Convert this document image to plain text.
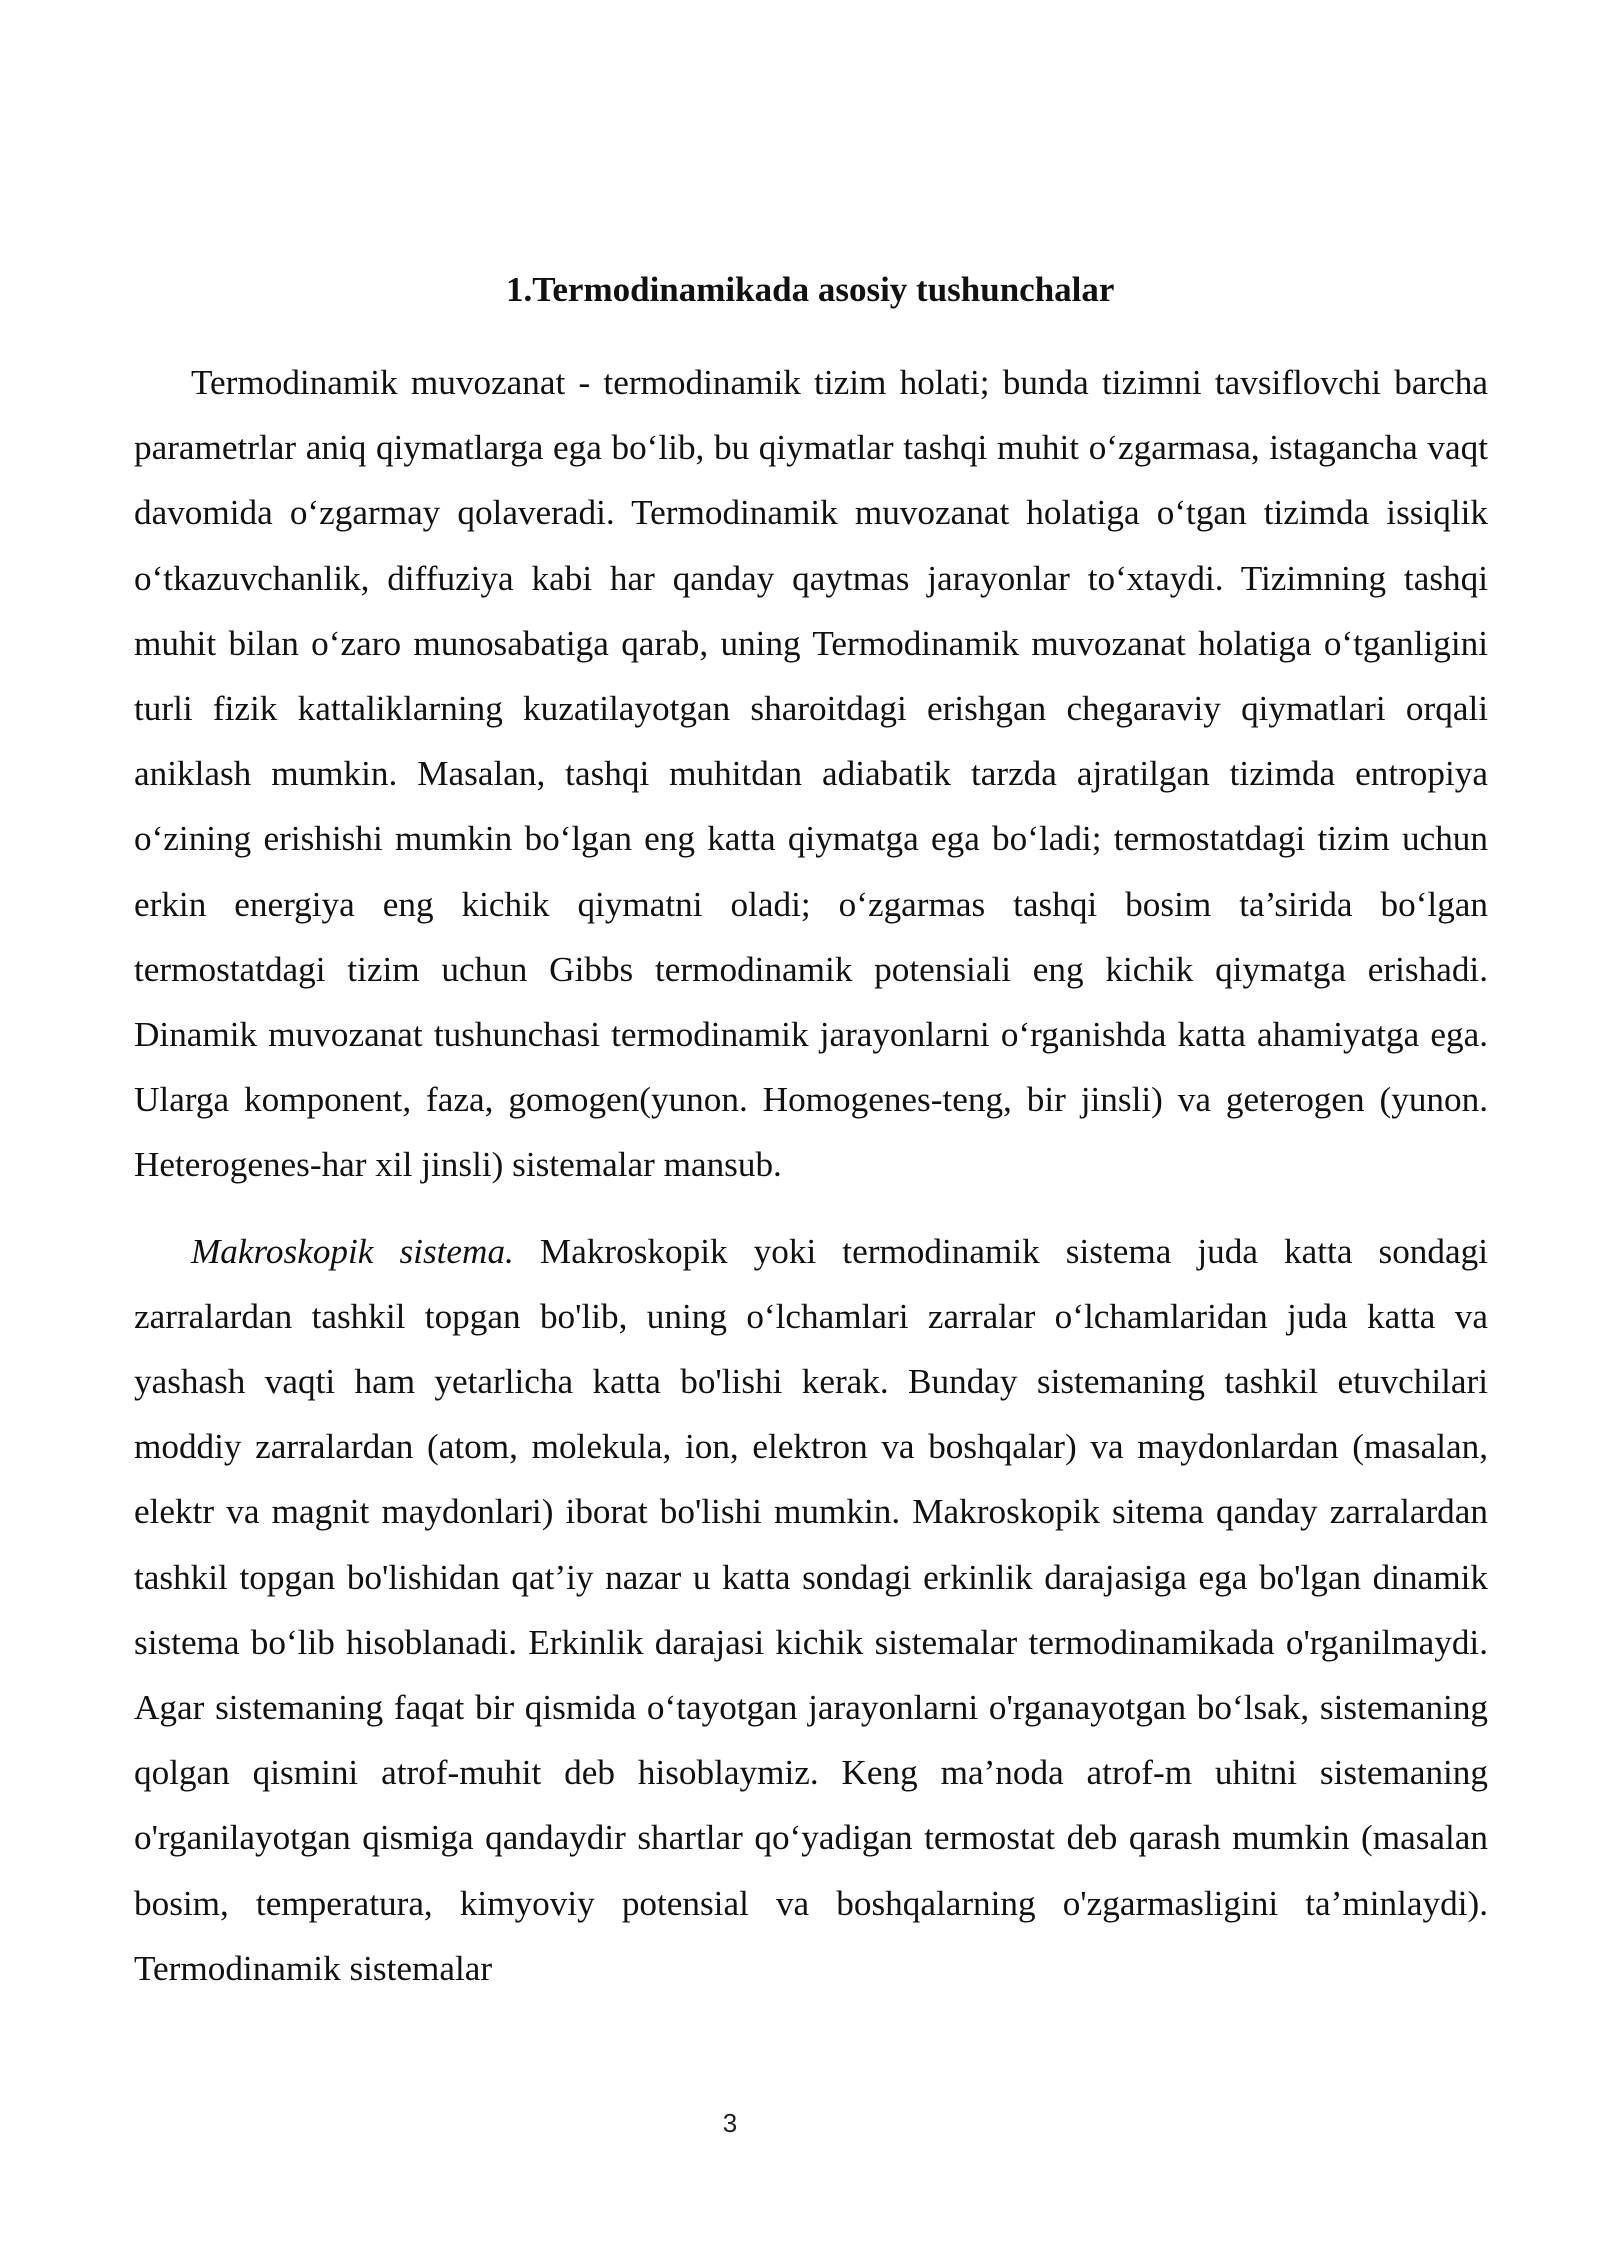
1.Termodinamikada asosiy tushunchalar

Termodinamik muvozanat - termodinamik tizim holati; bunda tizimni tavsiflovchi barcha parametrlar aniq qiymatlarga ega bo‘lib, bu qiymatlar tashqi muhit o‘zgarmasa, istagancha vaqt davomida o‘zgarmay qolaveradi. Termodinamik muvozanat holatiga o‘tgan tizimda issiqlik o‘tkazuvchanlik, diffuziya kabi har qanday qaytmas jarayonlar to‘xtaydi. Tizimning tashqi muhit bilan o‘zaro munosabatiga qarab, uning Termodinamik muvozanat holatiga o‘tganligini turli fizik kattaliklarning kuzatilayotgan sharoitdagi erishgan chegaraviy qiymatlari orqali aniklash mumkin. Masalan, tashqi muhitdan adiabatik tarzda ajratilgan tizimda entropiya o‘zining erishishi mumkin bo‘lgan eng katta qiymatga ega bo‘ladi; termostatdagi tizim uchun erkin energiya eng kichik qiymatni oladi; o‘zgarmas tashqi bosim ta’sirida bo‘lgan termostatdagi tizim uchun Gibbs termodinamik potensiali eng kichik qiymatga erishadi. Dinamik muvozanat tushunchasi termodinamik jarayonlarni o‘rganishda katta ahamiyatga ega. Ularga komponent, faza, gomogen(yunon. Homogenes-teng, bir jinsli) va geterogen (yunon. Heterogenes-har xil jinsli) sistemalar mansub.

Makroskopik sistema. Makroskopik yoki termodinamik sistema juda katta sondagi zarralardan tashkil topgan bo'lib, uning o‘lchamlari zarralar o‘lchamlaridan juda katta va yashash vaqti ham yetarlicha katta bo'lishi kerak. Bunday sistemaning tashkil etuvchilari moddiy zarralardan (atom, molekula, ion, elektron va boshqalar) va maydonlardan (masalan, elektr va magnit maydonlari) iborat bo'lishi mumkin. Makroskopik sitema qanday zarralardan tashkil topgan bo'lishidan qat’iy nazar u katta sondagi erkinlik darajasiga ega bo'lgan dinamik sistema bo‘lib hisoblanadi. Erkinlik darajasi kichik sistemalar termodinamikada o'rganilmaydi. Agar sistemaning faqat bir qismida o‘tayotgan jarayonlarni o'rganayotgan bo‘lsak, sistemaning qolgan qismini atrof-muhit deb hisoblaymiz. Keng ma’noda atrof-m uhitni sistemaning o'rganilayotgan qismiga qandaydir shartlar qo‘yadigan termostat deb qarash mumkin (masalan bosim, temperatura, kimyoviy potensial va boshqalarning o'zgarmasligini ta’minlaydi). Termodinamik sistemalar

3
